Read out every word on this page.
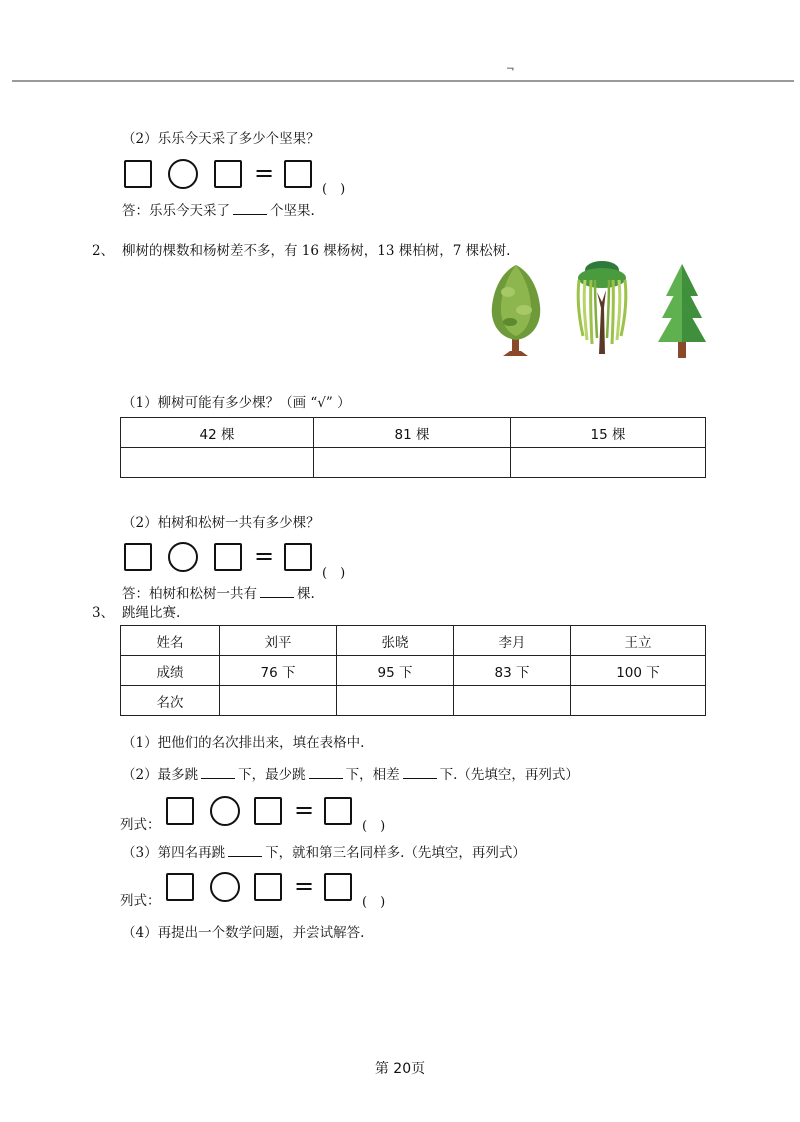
¬
（2）乐乐今天采了多少个坚果？
=
(　)
答：乐乐今天采了	个坚果.
2、 柳树的棵数和杨树差不多，有 16 棵杨树，13 棵柏树，7 棵松树.
（1）柳树可能有多少棵？（画 “√” ）
42 棵	81 棵	15 棵

（2）柏树和松树一共有多少棵？
=
(　)
答：柏树和松树一共有	棵.
3、 跳绳比赛.
姓名	刘平	张晓	李月	王立
成绩	76 下	95 下	83 下	100 下
名次				
（1）把他们的名次排出来，填在表格中.
（2）最多跳	下，最少跳	下，相差	下.（先填空，再列式）
列式：
=
(　)
（3）第四名再跳	下，就和第三名同样多.（先填空，再列式）
列式：
=
(　)
（4）再提出一个数学问题，并尝试解答.
第 20页
